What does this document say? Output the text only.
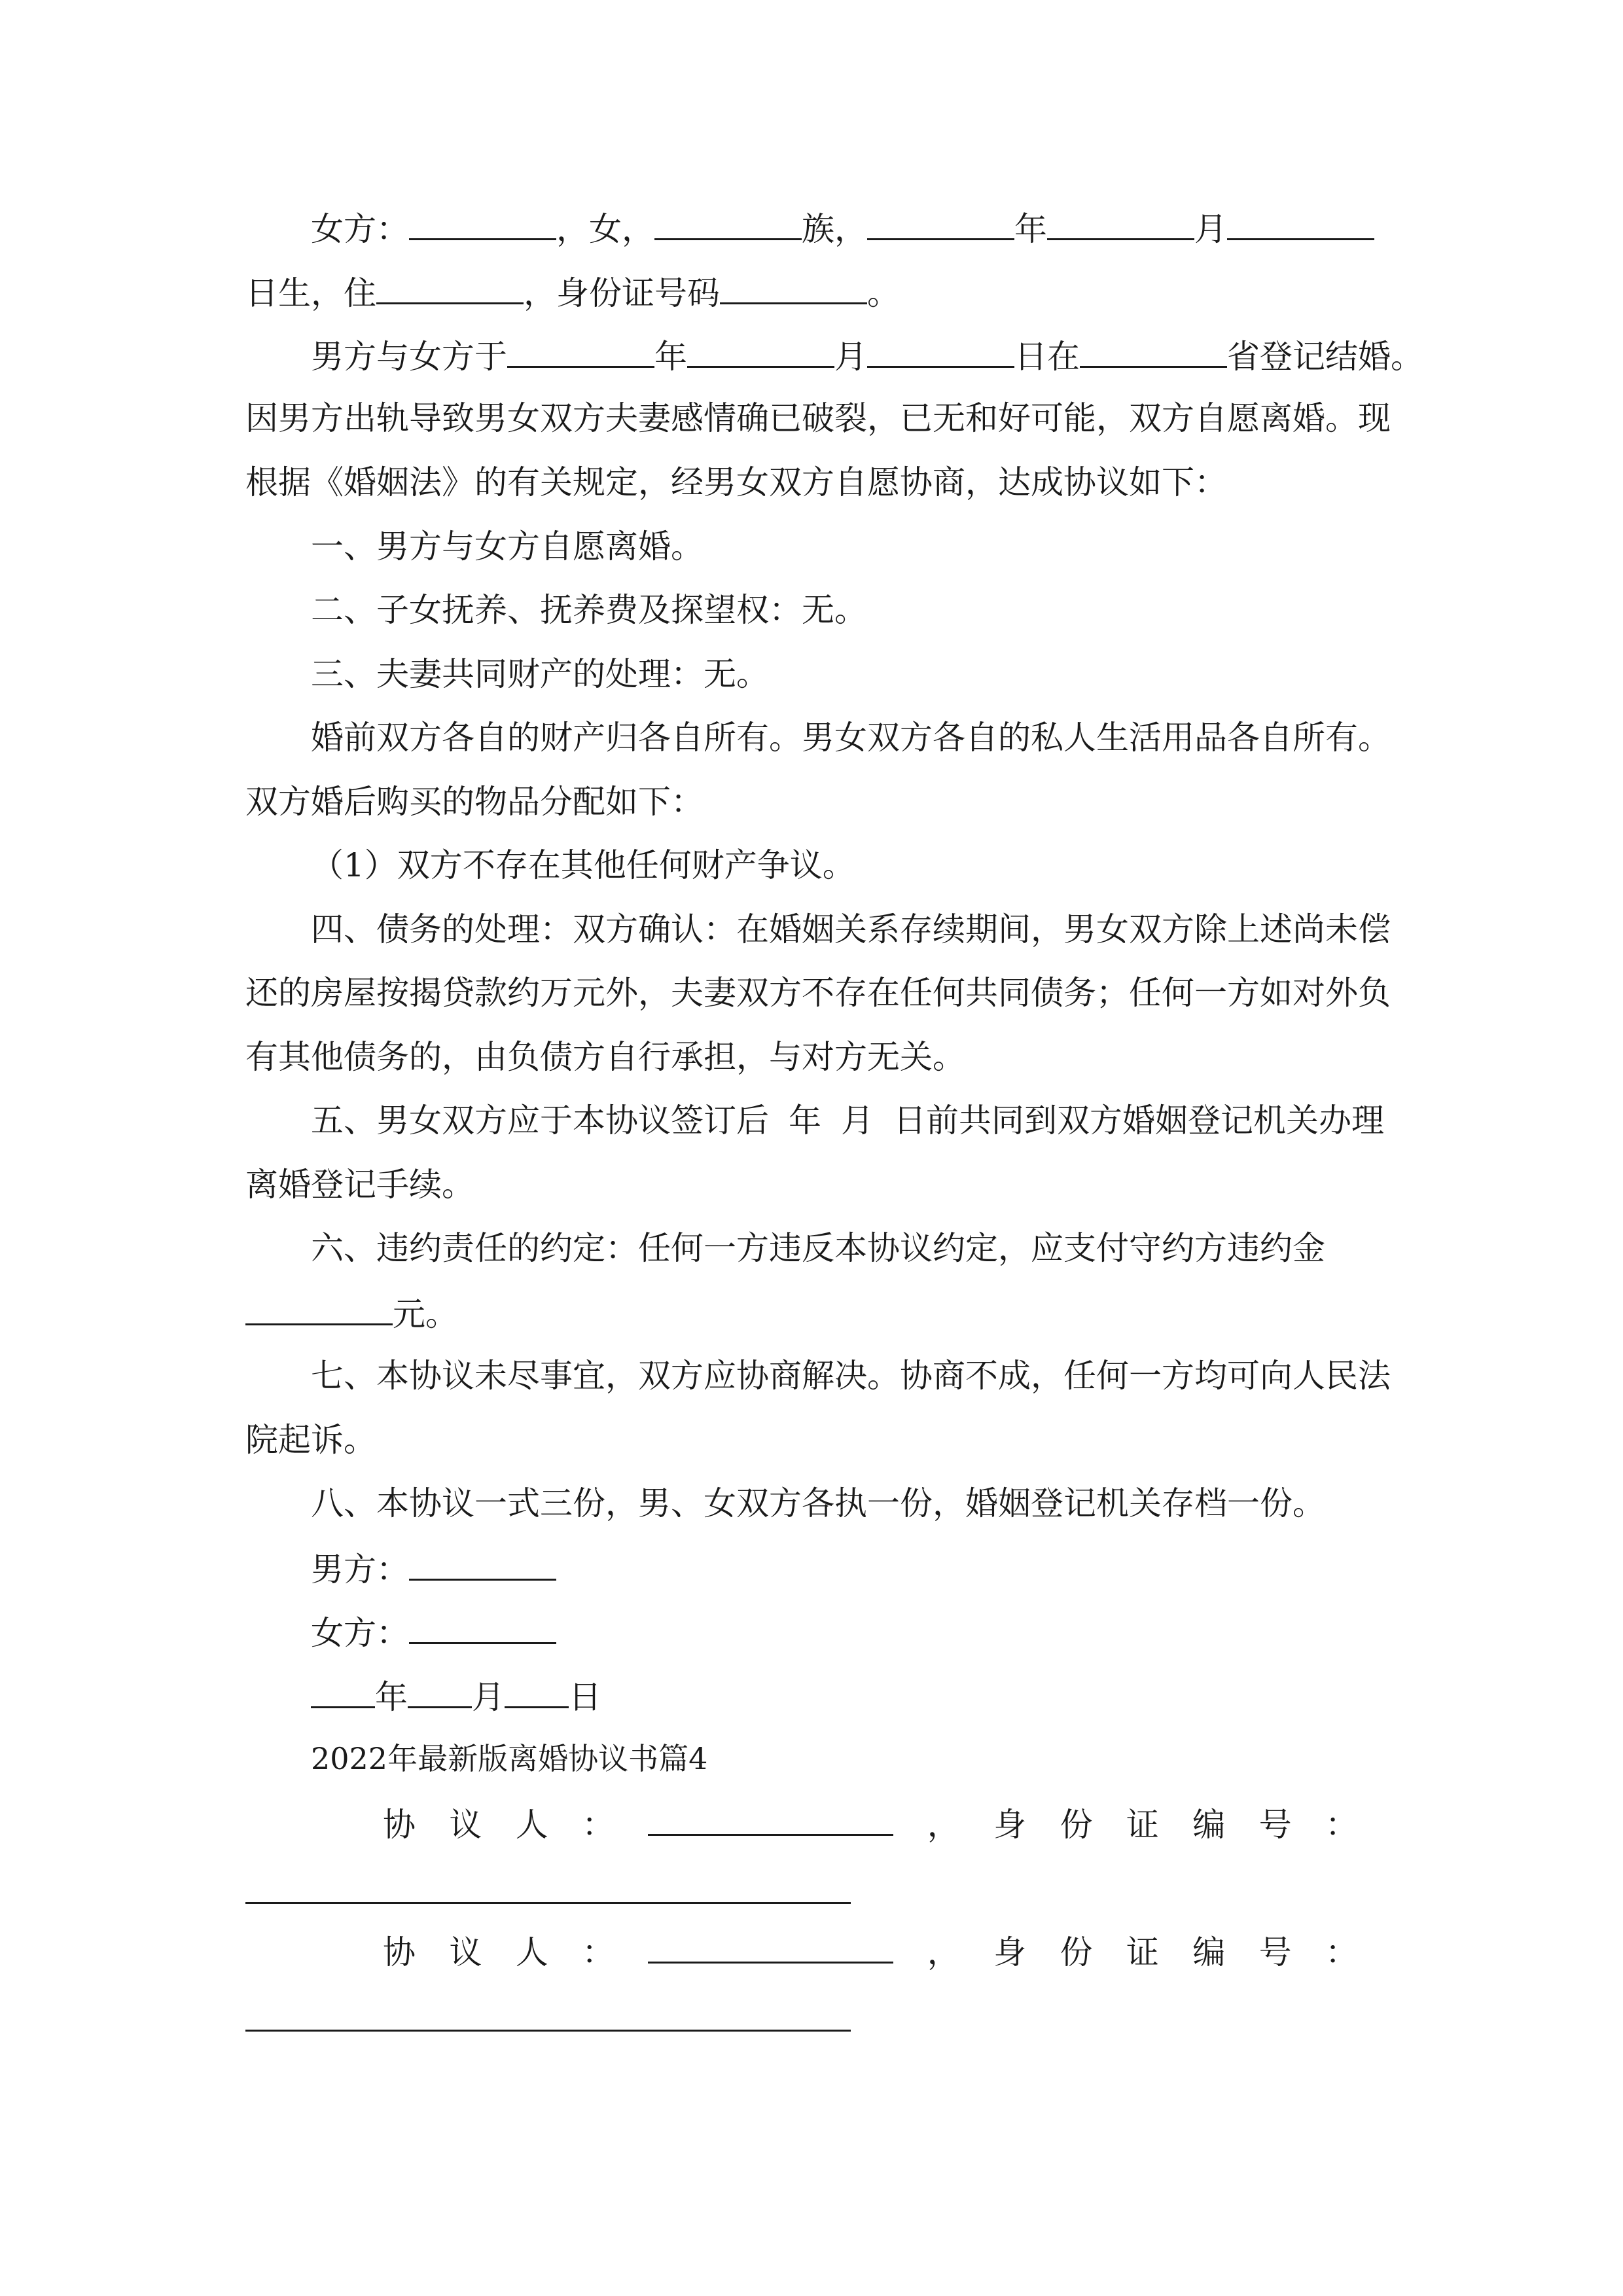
女方：	，女，	族，	年	月

日生，住	，身份证号码	。

男方与女方于	年	月	日在	省登记结婚。

因男方出轨导致男女双方夫妻感情确已破裂，已无和好可能，双方自愿离婚。现

根据《婚姻法》的有关规定，经男女双方自愿协商，达成协议如下：

一、男方与女方自愿离婚。

二、子女抚养、抚养费及探望权：无。

三、夫妻共同财产的处理：无。

婚前双方各自的财产归各自所有。男女双方各自的私人生活用品各自所有。

双方婚后购买的物品分配如下：

（1）双方不存在其他任何财产争议。

四、债务的处理：双方确认：在婚姻关系存续期间，男女双方除上述尚未偿

还的房屋按揭贷款约万元外，夫妻双方不存在任何共同债务；任何一方如对外负

有其他债务的，由负债方自行承担，与对方无关。

五、男女双方应于本协议签订后 年 月 日前共同到双方婚姻登记机关办理

离婚登记手续。

六、违约责任的约定：任何一方违反本协议约定，应支付守约方违约金

元。

七、本协议未尽事宜，双方应协商解决。协商不成，任何一方均可向人民法

院起诉。

八、本协议一式三份，男、女双方各执一份，婚姻登记机关存档一份。

男方：

女方：

年 月 日

2022年最新版离婚协议书篇4

协 议 人 ：	， 身 份 证 编 号 ：
协 议 人 ：	， 身 份 证 编 号 ：
